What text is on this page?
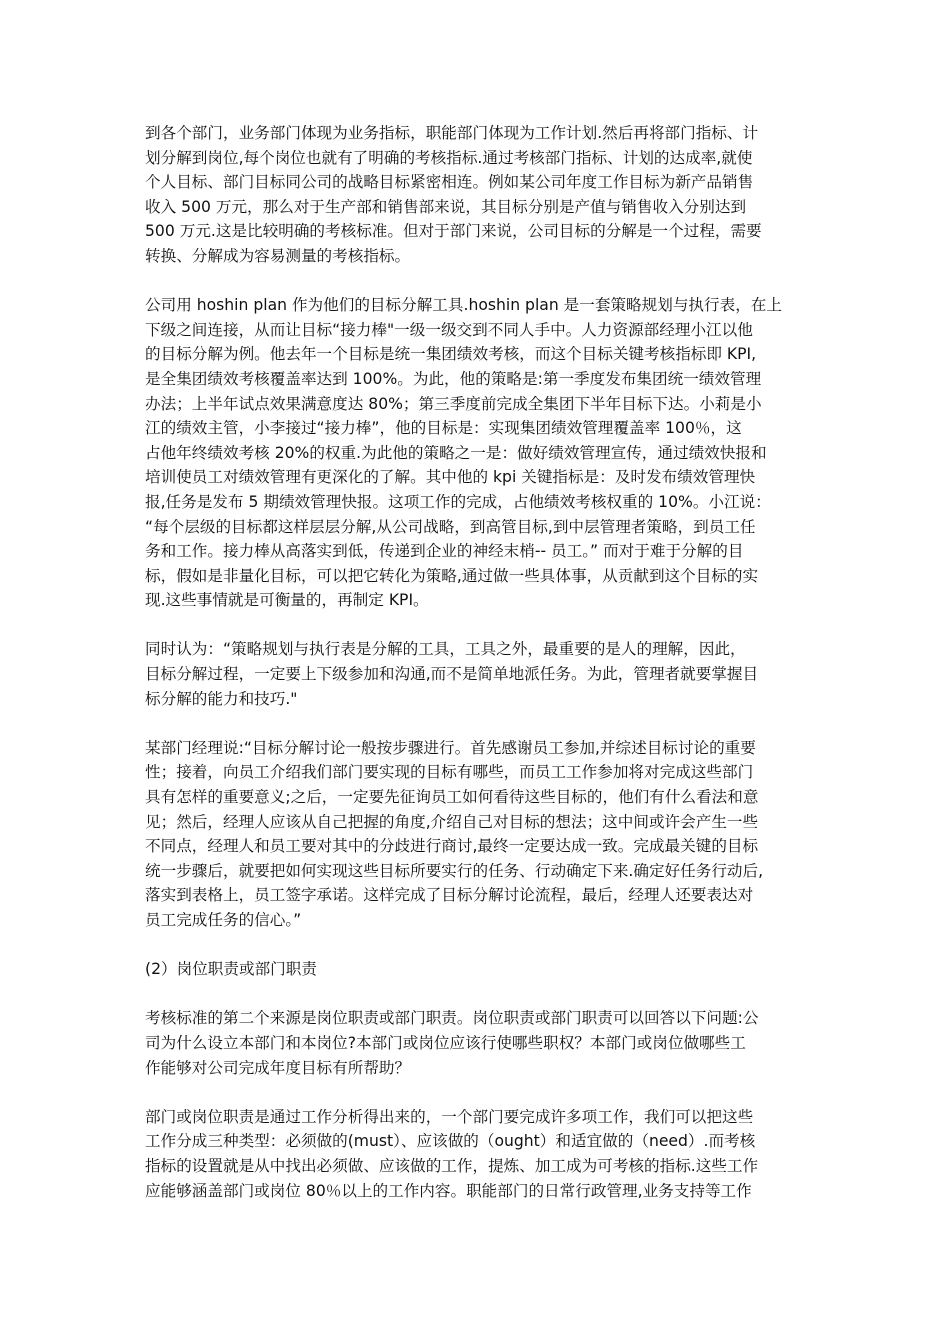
到各个部门，业务部门体现为业务指标，职能部门体现为工作计划.然后再将部门指标、计
划分解到岗位,每个岗位也就有了明确的考核指标.通过考核部门指标、计划的达成率,就使
个人目标、部门目标同公司的战略目标紧密相连。例如某公司年度工作目标为新产品销售
收入 500 万元，那么对于生产部和销售部来说，其目标分别是产值与销售收入分别达到
500 万元.这是比较明确的考核标准。但对于部门来说，公司目标的分解是一个过程，需要
转换、分解成为容易测量的考核指标。
公司用 hoshin plan 作为他们的目标分解工具.hoshin plan 是一套策略规划与执行表，在上
下级之间连接，从而让目标“接力棒"一级一级交到不同人手中。人力资源部经理小江以他
的目标分解为例。他去年一个目标是统一集团绩效考核，而这个目标关键考核指标即 KPI,
是全集团绩效考核覆盖率达到 100%。为此，他的策略是:第一季度发布集团统一绩效管理
办法；上半年试点效果满意度达 80%；第三季度前完成全集团下半年目标下达。小莉是小
江的绩效主管，小李接过“接力棒”，他的目标是：实现集团绩效管理覆盖率 100％，这
占他年终绩效考核 20%的权重.为此他的策略之一是：做好绩效管理宣传，通过绩效快报和
培训使员工对绩效管理有更深化的了解。其中他的 kpi 关键指标是：及时发布绩效管理快
报,任务是发布 5 期绩效管理快报。这项工作的完成，占他绩效考核权重的 10%。小江说：
“每个层级的目标都这样层层分解,从公司战略，到高管目标,到中层管理者策略，到员工任
务和工作。接力棒从高落实到低，传递到企业的神经末梢-- 员工。” 而对于难于分解的目
标，假如是非量化目标，可以把它转化为策略,通过做一些具体事，从贡献到这个目标的实
现.这些事情就是可衡量的，再制定 KPI。
同时认为：“策略规划与执行表是分解的工具，工具之外，最重要的是人的理解，因此，
目标分解过程，一定要上下级参加和沟通,而不是简单地派任务。为此，管理者就要掌握目
标分解的能力和技巧."
某部门经理说:“目标分解讨论一般按步骤进行。首先感谢员工参加,并综述目标讨论的重要
性；接着，向员工介绍我们部门要实现的目标有哪些，而员工工作参加将对完成这些部门
具有怎样的重要意义;之后，一定要先征询员工如何看待这些目标的，他们有什么看法和意
见；然后，经理人应该从自己把握的角度,介绍自己对目标的想法；这中间或许会产生一些
不同点，经理人和员工要对其中的分歧进行商讨,最终一定要达成一致。完成最关键的目标
统一步骤后，就要把如何实现这些目标所要实行的任务、行动确定下来.确定好任务行动后,
落实到表格上，员工签字承诺。这样完成了目标分解讨论流程，最后，经理人还要表达对
员工完成任务的信心。”
(2）岗位职责或部门职责
考核标准的第二个来源是岗位职责或部门职责。岗位职责或部门职责可以回答以下问题:公
司为什么设立本部门和本岗位?本部门或岗位应该行使哪些职权？本部门或岗位做哪些工
作能够对公司完成年度目标有所帮助？
部门或岗位职责是通过工作分析得出来的，一个部门要完成许多项工作，我们可以把这些
工作分成三种类型：必须做的(must）、应该做的（ought）和适宜做的（need）.而考核
指标的设置就是从中找出必须做、应该做的工作，提炼、加工成为可考核的指标.这些工作
应能够涵盖部门或岗位 80％以上的工作内容。职能部门的日常行政管理,业务支持等工作
